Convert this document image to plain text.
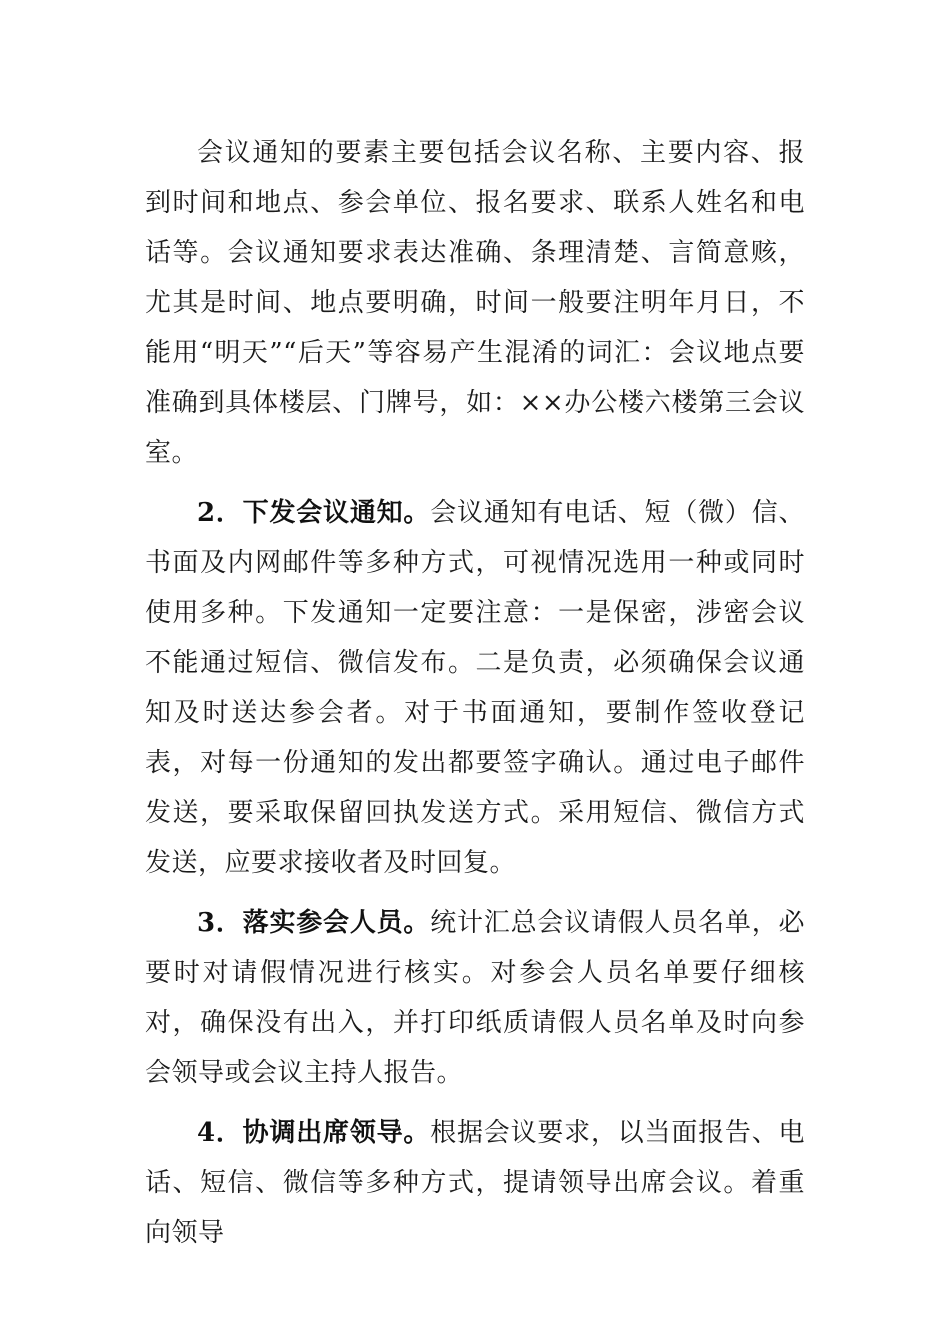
会议通知的要素主要包括会议名称、主要内容、报到时间和地点、参会单位、报名要求、联系人姓名和电话等。会议通知要求表达准确、条理清楚、言简意赅，尤其是时间、地点要明确，时间一般要注明年月日，不能用“明天”“后天”等容易产生混淆的词汇：会议地点要准确到具体楼层、门牌号，如：××办公楼六楼第三会议室。

2．下发会议通知。会议通知有电话、短（微）信、书面及内网邮件等多种方式，可视情况选用一种或同时使用多种。下发通知一定要注意：一是保密，涉密会议不能通过短信、微信发布。二是负责，必须确保会议通知及时送达参会者。对于书面通知，要制作签收登记表，对每一份通知的发出都要签字确认。通过电子邮件发送，要采取保留回执发送方式。采用短信、微信方式发送，应要求接收者及时回复。

3．落实参会人员。统计汇总会议请假人员名单，必要时对请假情况进行核实。对参会人员名单要仔细核对，确保没有出入，并打印纸质请假人员名单及时向参会领导或会议主持人报告。

4．协调出席领导。根据会议要求，以当面报告、电话、短信、微信等多种方式，提请领导出席会议。着重向领导
